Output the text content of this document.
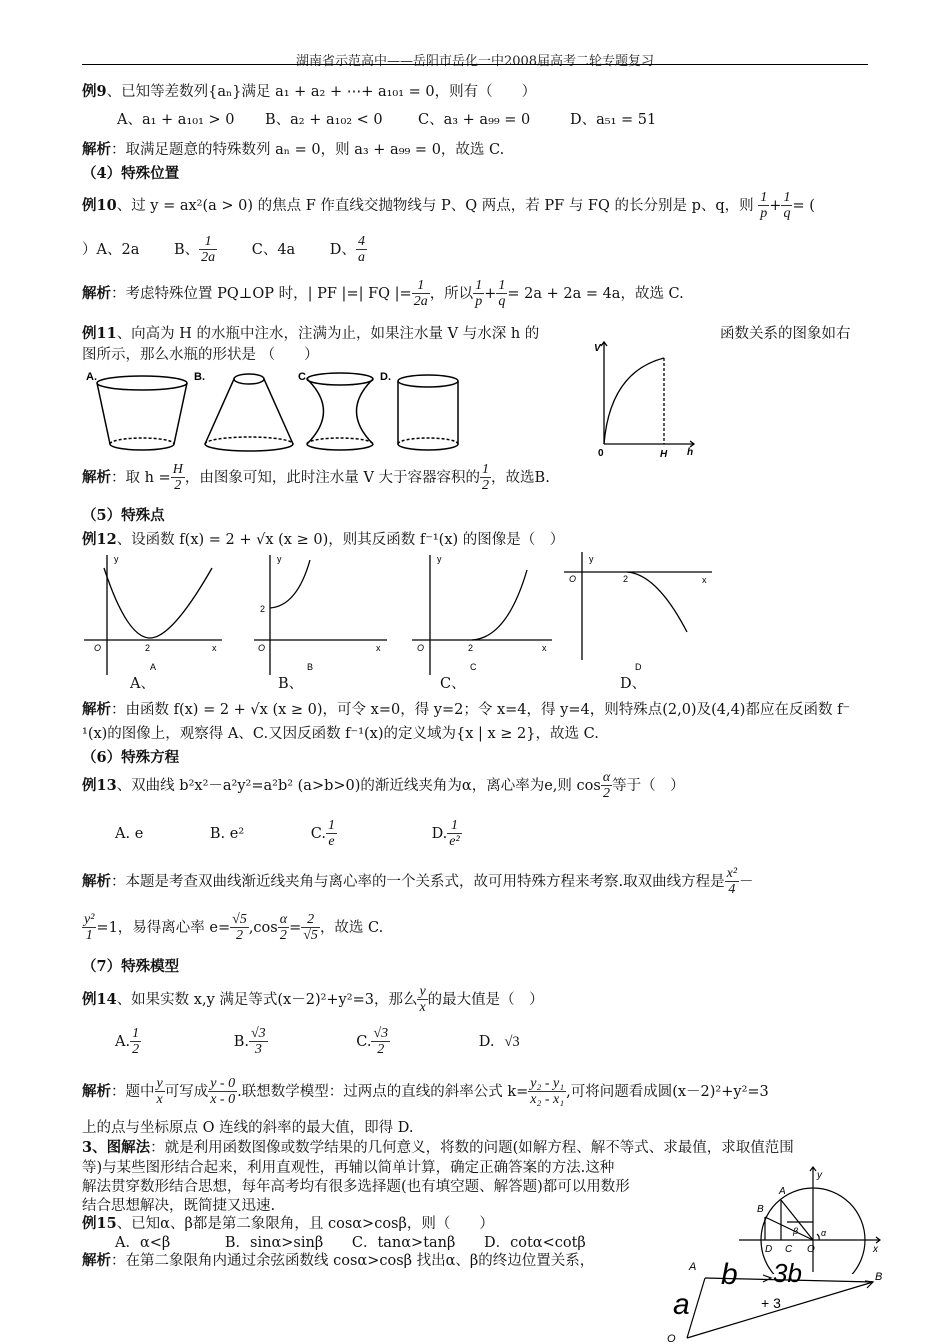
湖南省示范高中——岳阳市岳化一中2008届高考二轮专题复习
例9、已知等差数列{aₙ}满足 a₁ + a₂ + ⋯+ a₁₀₁ = 0，则有（　　）
A、a₁ + a₁₀₁ > 0 B、a₂ + a₁₀₂ < 0 C、a₃ + a₉₉ = 0	D、a₅₁ = 51
解析：取满足题意的特殊数列 aₙ = 0，则 a₃ + a₉₉ = 0，故选 C.
（4）特殊位置
例10、过 y = ax²(a > 0) 的焦点 F 作直线交抛物线与 P、Q 两点，若 PF 与 FQ 的长分别是 p、q，则 $\frac{1}{p} + \frac{1}{q}$ = (
）A、2a B、 $\frac{1}{2a}$ C、4a D、 $\frac{4}{a}$
解析：考虑特殊位置 PQ⊥OP 时，| PF |=| FQ |= $\frac{1}{2a}$ ，所以 $\frac{1}{p} + \frac{1}{q} = 2a + 2a = 4a$，故选 C.
例11、向高为 H 的水瓶中注水，注满为止，如果注水量 V 与水深 h 的	函数关系的图象如右
图所示，那么水瓶的形状是 （　　）
A.	B.	C.	D.
V
h
0	H
解析：取 $h = \frac{H}{2}$ ，由图象可知，此时注水量 V 大于容器容积的 $\frac{1}{2}$ ，故选B.
（5）特殊点
例12、设函数 f(x) = 2 + √x (x ≥ 0)，则其反函数 f⁻¹(x) 的图像是（　）
y
O	x
2
A
y
O	x
2
B
y
O	x
2
C
y
O	x
2
D
A、	B、	C、	D、
解析：由函数 f(x) = 2 + √x (x ≥ 0)，可令 x=0，得 y=2；令 x=4，得 y=4，则特殊点(2,0)及(4,4)都应在反函数 f⁻
¹(x)的图像上，观察得 A、C.又因反函数 f⁻¹(x)的定义域为{x | x ≥ 2}，故选 C.
（6）特殊方程
例13、双曲线 b²x²－a²y²=a²b² (a>b>0)的渐近线夹角为α，离心率为e,则 $\cos \frac{\alpha}{2}$ 等于（　）
A. e	B. e²	C. $\frac{1}{e}$	D. $\frac{1}{\text{e²}}$
解析：本题是考查双曲线渐近线夹角与离心率的一个关系式，故可用特殊方程来考察.取双曲线方程是 $\frac{\text{x²}}{4}$ －
$\frac{\text{y²}}{1} =1$，易得离心率 $e= \frac{√5}{2} ,\cos \frac{\alpha}{2} = \frac{2}{√5}$ ，故选 C.
（7）特殊模型
例14、如果实数 x,y 满足等式(x－2)²+y²=3，那么 $\frac{y}{x}$ 的最大值是（　）
A. $\frac{1}{2}$	B. $\frac{√3}{3}$	C. $\frac{√3}{2}$	D. √3
解析：题中 $\frac{y}{x}$ 可写成 $\frac{y - 0}{x - 0}$ .联想数学模型：过两点的直线的斜率公式 $k= \frac{\text{y₂ - y₁}}{\text{x₂ - x₁}}$ ,可将问题看成圆(x－2)²+y²=3
上的点与坐标原点 O 连线的斜率的最大值，即得 D.
3、图解法：就是利用函数图像或数学结果的几何意义，将数的问题(如解方程、解不等式、求最值，求取值范围
等)与某些图形结合起来，利用直观性，再辅以简单计算，确定正确答案的方法.这种
解法贯穿数形结合思想，每年高考均有很多选择题(也有填空题、解答题)都可以用数形
结合思想解决，既简捷又迅速.
例15、已知α、β都是第二象限角，且 cosα>cosβ，则（　　）
A．α<β	B．sinα>sinβ C．tanα>tanβ D．cotα<cotβ
解析：在第二象限角内通过余弦函数线 cosα>cosβ 找出α、β的终边位置关系，
y
x
A
B
O
C
D
α
β
A
B
O
b 3b
a	+ 3
